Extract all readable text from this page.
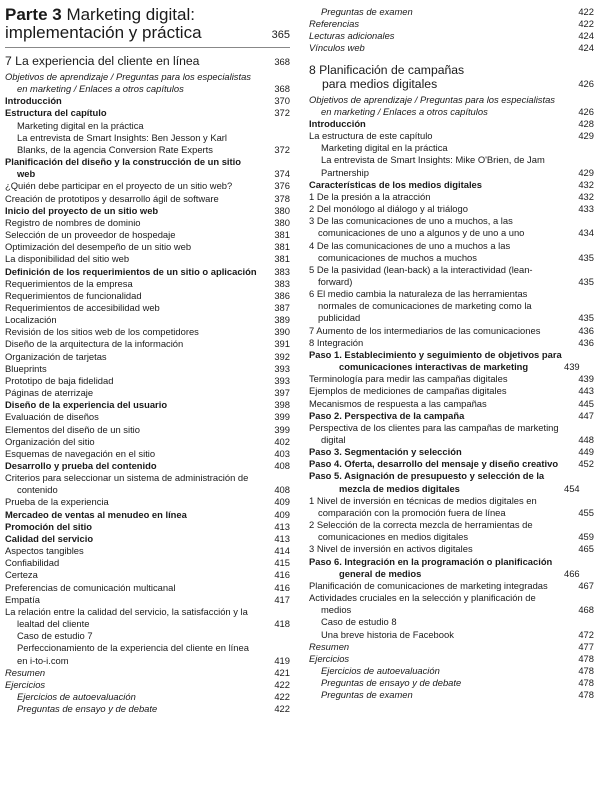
Parte 3 Marketing digital:
implementación y práctica	365
7 La experiencia del cliente en línea	368
Objetivos de aprendizaje / Preguntas para los especialistas en marketing / Enlaces a otros capítulos	368
Introducción	370
Estructura del capítulo	372
Marketing digital en la práctica
La entrevista de Smart Insights: Ben Jesson y Karl Blanks, de la agencia Conversion Rate Experts	372
Planificación del diseño y la construcción de un sitio web	374
¿Quién debe participar en el proyecto de un sitio web?	376
Creación de prototipos y desarrollo ágil de software	378
Inicio del proyecto de un sitio web	380
Registro de nombres de dominio	380
Selección de un proveedor de hospedaje	381
Optimización del desempeño de un sitio web	381
La disponibilidad del sitio web	381
Definición de los requerimientos de un sitio o aplicación 383
Requerimientos de la empresa	383
Requerimientos de funcionalidad	386
Requerimientos de accesibilidad web	387
Localización	389
Revisión de los sitios web de los competidores	390
Diseño de la arquitectura de la información	391
Organización de tarjetas	392
Blueprints	393
Prototipo de baja fidelidad	393
Páginas de aterrizaje	397
Diseño de la experiencia del usuario	398
Evaluación de diseños	399
Elementos del diseño de un sitio	399
Organización del sitio	402
Esquemas de navegación en el sitio	403
Desarrollo y prueba del contenido	408
Criterios para seleccionar un sistema de administración de contenido	408
Prueba de la experiencia	409
Mercadeo de ventas al menudeo en línea	409
Promoción del sitio	413
Calidad del servicio	413
Aspectos tangibles	414
Confiabilidad	415
Certeza	416
Preferencias de comunicación multicanal	416
Empatía	417
La relación entre la calidad del servicio, la satisfacción y la lealtad del cliente	418
Caso de estudio 7
Perfeccionamiento de la experiencia del cliente en línea en i-to-i.com	419
Resumen	421
Ejercicios	422
Ejercicios de autoevaluación	422
Preguntas de ensayo y de debate	422
Preguntas de examen	422
Referencias	422
Lecturas adicionales	424
Vínculos web	424
8 Planificación de campañas
para medios digitales	426
Objetivos de aprendizaje / Preguntas para los especialistas en marketing / Enlaces a otros capítulos	426
Introducción	428
La estructura de este capítulo	429
Marketing digital en la práctica
La entrevista de Smart Insights: Mike O'Brien, de Jam Partnership	429
Características de los medios digitales	432
1 De la presión a la atracción	432
2 Del monólogo al diálogo y al triálogo	433
3 De las comunicaciones de uno a muchos, a las comunicaciones de uno a algunos y de uno a uno	434
4 De las comunicaciones de uno a muchos a las comunicaciones de muchos a muchos	435
5 De la pasividad (lean-back) a la interactividad (lean-forward)	435
6 El medio cambia la naturaleza de las herramientas normales de comunicaciones de marketing como la publicidad	435
7 Aumento de los intermediarios de las comunicaciones	436
8 Integración	436
Paso 1. Establecimiento y seguimiento de objetivos para comunicaciones interactivas de marketing	439
Terminología para medir las campañas digitales	439
Ejemplos de mediciones de campañas digitales	443
Mecanismos de respuesta a las campañas	445
Paso 2. Perspectiva de la campaña	447
Perspectiva de los clientes para las campañas de marketing digital	448
Paso 3. Segmentación y selección	449
Paso 4. Oferta, desarrollo del mensaje y diseño creativo 452
Paso 5. Asignación de presupuesto y selección de la mezcla de medios digitales	454
1 Nivel de inversión en técnicas de medios digitales en comparación con la promoción fuera de línea	455
2 Selección de la correcta mezcla de herramientas de comunicaciones en medios digitales	459
3 Nivel de inversión en activos digitales	465
Paso 6. Integración en la programación o planificación general de medios	466
Planificación de comunicaciones de marketing integradas	467
Actividades cruciales en la selección y planificación de medios	468
Caso de estudio 8
Una breve historia de Facebook	472
Resumen	477
Ejercicios	478
Ejercicios de autoevaluación	478
Preguntas de ensayo y de debate	478
Preguntas de examen	478
